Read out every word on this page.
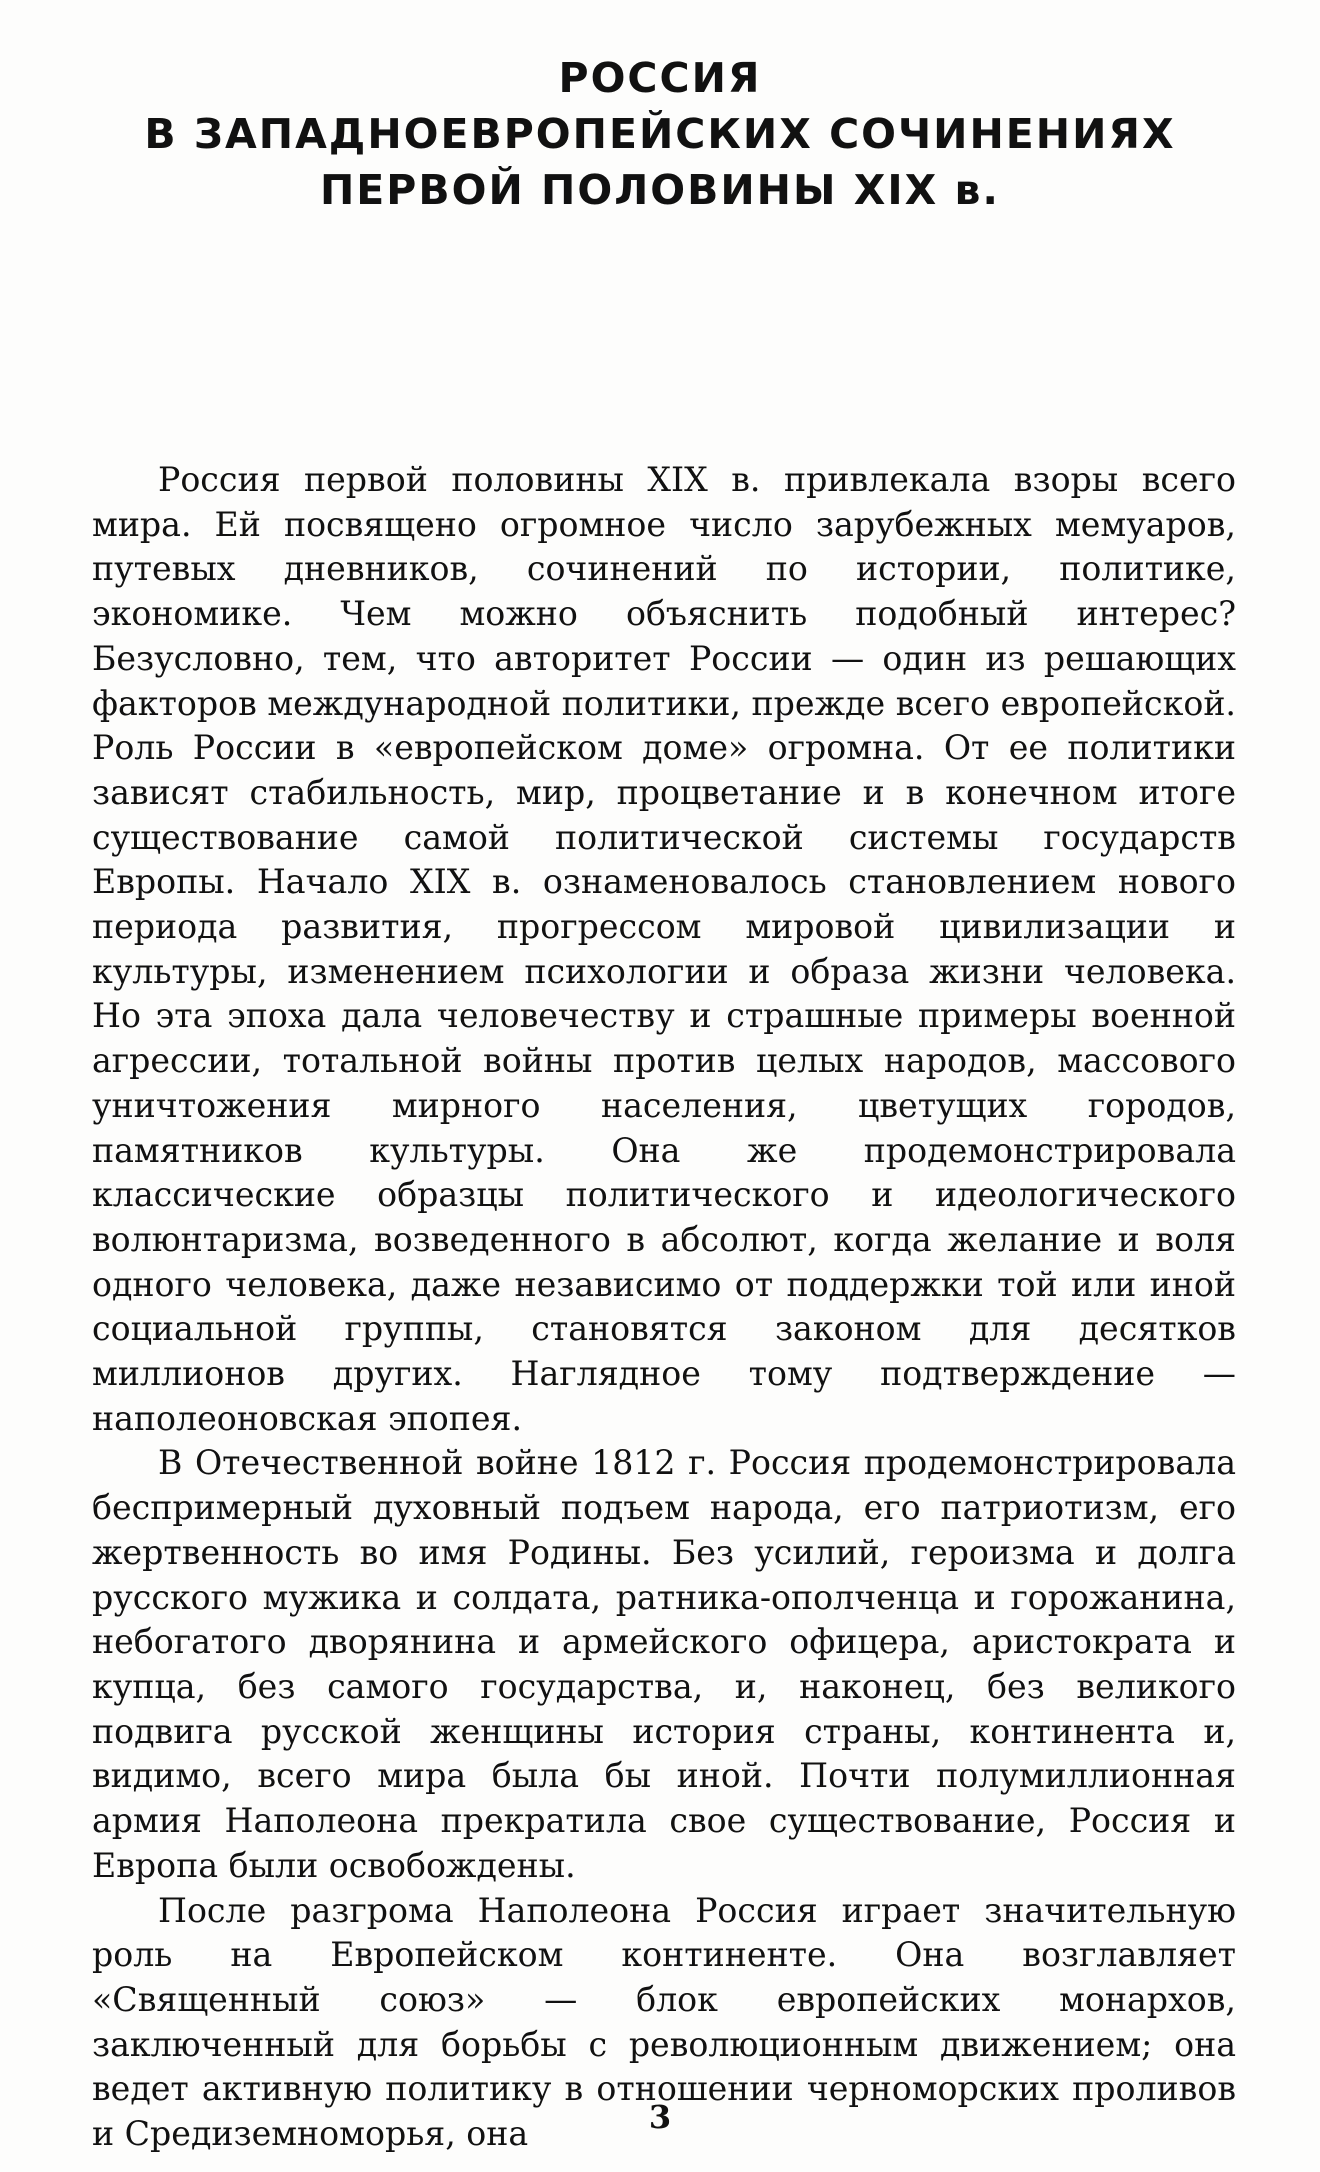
РОССИЯ
В ЗАПАДНОЕВРОПЕЙСКИХ СОЧИНЕНИЯХ
ПЕРВОЙ ПОЛОВИНЫ XIX в.

Россия первой половины XIX в. привлекала взоры всего мира. Ей посвящено огромное число зарубежных мемуаров, путевых дневников, сочинений по истории, политике, экономике. Чем можно объяснить подобный интерес? Безусловно, тем, что авторитет России — один из решающих факторов международной политики, прежде всего европейской. Роль России в «европейском доме» огромна. От ее политики зависят стабильность, мир, процветание и в конечном итоге существование самой политической системы государств Европы. Начало XIX в. ознаменовалось становлением нового периода развития, прогрессом мировой цивилизации и культуры, изменением психологии и образа жизни человека. Но эта эпоха дала человечеству и страшные примеры военной агрессии, тотальной войны против целых народов, массового уничтожения мирного населения, цветущих городов, памятников культуры. Она же продемонстрировала классические образцы политического и идеологического волюнтаризма, возведенного в абсолют, когда желание и воля одного человека, даже независимо от поддержки той или иной социальной группы, становятся законом для десятков миллионов других. Наглядное тому подтверждение — наполеоновская эпопея.

В Отечественной войне 1812 г. Россия продемонстрировала беспримерный духовный подъем народа, его патриотизм, его жертвенность во имя Родины. Без усилий, героизма и долга русского мужика и солдата, ратника-ополченца и горожанина, небогатого дворянина и армейского офицера, аристократа и купца, без самого государства, и, наконец, без великого подвига русской женщины история страны, континента и, видимо, всего мира была бы иной. Почти полумиллионная армия Наполеона прекратила свое существование, Россия и Европа были освобождены.

После разгрома Наполеона Россия играет значительную роль на Европейском континенте. Она возглавляет «Священный союз» — блок европейских монархов, заключенный для борьбы с революционным движением; она ведет активную политику в отношении черноморских проливов и Средиземноморья, она	3
